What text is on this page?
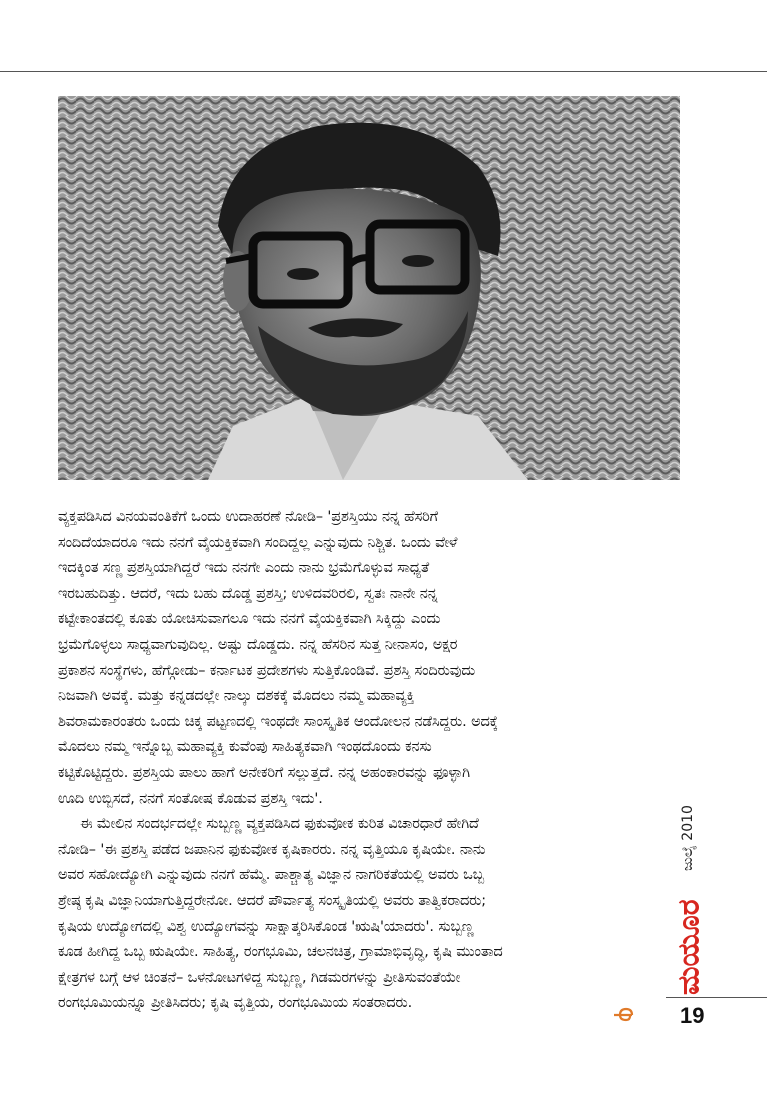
ವ್ಯಕ್ತಪಡಿಸಿದ ವಿನಯವಂತಿಕೆಗೆ ಒಂದು ಉದಾಹರಣೆ ನೋಡಿ– 'ಪ್ರಶಸ್ತಿಯು ನನ್ನ ಹೆಸರಿಗೆ
ಸಂದಿದೆಯಾದರೂ ಇದು ನನಗೆ ವೈಯಕ್ತಿಕವಾಗಿ ಸಂದಿದ್ದಲ್ಲ ಎನ್ನುವುದು ನಿಶ್ಚಿತ. ಒಂದು ವೇಳೆ
ಇದಕ್ಕಿಂತ ಸಣ್ಣ ಪ್ರಶಸ್ತಿಯಾಗಿದ್ದರೆ ಇದು ನನಗೇ ಎಂದು ನಾನು ಭ್ರಮೆಗೊಳ್ಳುವ ಸಾಧ್ಯತೆ
ಇರಬಹುದಿತ್ತು. ಆದರೆ, ಇದು ಬಹು ದೊಡ್ಡ ಪ್ರಶಸ್ತಿ; ಉಳಿದವರಿರಲಿ, ಸ್ವತಃ ನಾನೇ ನನ್ನ
ಕಟ್ಟೇಕಾಂತದಲ್ಲಿ ಕೂತು ಯೋಚಿಸುವಾಗಲೂ ಇದು ನನಗೆ ವೈಯಕ್ತಿಕವಾಗಿ ಸಿಕ್ಕಿದ್ದು ಎಂದು
ಭ್ರಮೆಗೊಳ್ಳಲು ಸಾಧ್ಯವಾಗುವುದಿಲ್ಲ. ಅಷ್ಟು ದೊಡ್ಡದು. ನನ್ನ ಹೆಸರಿನ ಸುತ್ತ ನೀನಾಸಂ, ಅಕ್ಷರ
ಪ್ರಕಾಶನ ಸಂಸ್ಥೆಗಳು, ಹೆಗ್ಗೋಡು– ಕರ್ನಾಟಕ ಪ್ರದೇಶಗಳು ಸುತ್ತಿಕೊಂಡಿವೆ. ಪ್ರಶಸ್ತಿ ಸಂದಿರುವುದು
ನಿಜವಾಗಿ ಅವಕ್ಕೆ. ಮತ್ತು ಕನ್ನಡದಲ್ಲೇ ನಾಲ್ಕು ದಶಕಕ್ಕೆ ಮೊದಲು ನಮ್ಮ ಮಹಾವ್ಯಕ್ತಿ
ಶಿವರಾಮಕಾರಂತರು ಒಂದು ಚಿಕ್ಕ ಪಟ್ಟಣದಲ್ಲಿ ಇಂಥದೇ ಸಾಂಸ್ಕೃತಿಕ ಆಂದೋಲನ ನಡೆಸಿದ್ದರು. ಅದಕ್ಕೆ
ಮೊದಲು ನಮ್ಮ ಇನ್ನೊಬ್ಬ ಮಹಾವ್ಯಕ್ತಿ ಕುವೆಂಪು ಸಾಹಿತ್ಯಕವಾಗಿ ಇಂಥದೊಂದು ಕನಸು
ಕಟ್ಟಿಕೊಟ್ಟಿದ್ದರು. ಪ್ರಶಸ್ತಿಯ ಪಾಲು ಹಾಗೆ ಅನೇಕರಿಗೆ ಸಲ್ಲುತ್ತದೆ. ನನ್ನ ಅಹಂಕಾರವನ್ನು ಫೂಳ್ಳಾಗಿ
ಊದಿ ಉಬ್ಬಿಸದೆ, ನನಗೆ ಸಂತೋಷ ಕೊಡುವ ಪ್ರಶಸ್ತಿ ಇದು'.
ಈ ಮೇಲಿನ ಸಂದರ್ಭದಲ್ಲೇ ಸುಬ್ಬಣ್ಣ ವ್ಯಕ್ತಪಡಿಸಿದ ಫುಕುವೋಕ ಕುರಿತ ವಿಚಾರಧಾರೆ ಹೇಗಿದೆ
ನೋಡಿ– 'ಈ ಪ್ರಶಸ್ತಿ ಪಡೆದ ಜಪಾನಿನ ಫುಕುವೋಕ ಕೃಷಿಕಾರರು. ನನ್ನ ವೃತ್ತಿಯೂ ಕೃಷಿಯೇ. ನಾನು
ಅವರ ಸಹೋದ್ಯೋಗಿ ಎನ್ನುವುದು ನನಗೆ ಹೆಮ್ಮೆ. ಪಾಶ್ಚಾತ್ಯ ವಿಜ್ಞಾನ ನಾಗರಿಕತೆಯಲ್ಲಿ ಅವರು ಒಬ್ಬ
ಶ್ರೇಷ್ಠ ಕೃಷಿ ವಿಜ್ಞಾನಿಯಾಗುತ್ತಿದ್ದರೇನೋ. ಆದರೆ ಪೌರ್ವಾತ್ಯ ಸಂಸ್ಕೃತಿಯಲ್ಲಿ ಅವರು ತಾತ್ವಿಕರಾದರು;
ಕೃಷಿಯ ಉದ್ಯೋಗದಲ್ಲಿ ವಿಶ್ವ ಉದ್ಯೋಗವನ್ನು ಸಾಕ್ಷಾತ್ಕರಿಸಿಕೊಂಡ 'ಋಷಿ'ಯಾದರು'. ಸುಬ್ಬಣ್ಣ
ಕೂಡ ಹೀಗಿದ್ದ ಒಬ್ಬ ಋಷಿಯೇ. ಸಾಹಿತ್ಯ, ರಂಗಭೂಮಿ, ಚಲನಚಿತ್ರ, ಗ್ರಾಮಾಭಿವೃದ್ಧಿ, ಕೃಷಿ ಮುಂತಾದ
ಕ್ಷೇತ್ರಗಳ ಬಗ್ಗೆ ಆಳ ಚಿಂತನೆ– ಒಳನೋಟಗಳಿದ್ದ ಸುಬ್ಬಣ್ಣ, ಗಿಡಮರಗಳನ್ನು ಪ್ರೀತಿಸುವಂತೆಯೇ
ರಂಗಭೂಮಿಯನ್ನೂ ಪ್ರೀತಿಸಿದರು; ಕೃಷಿ ವೃತ್ತಿಯ, ರಂಗಭೂಮಿಯ ಸಂತರಾದರು.
ಜುಲೈ 2010
ಮಯೂರ
19
